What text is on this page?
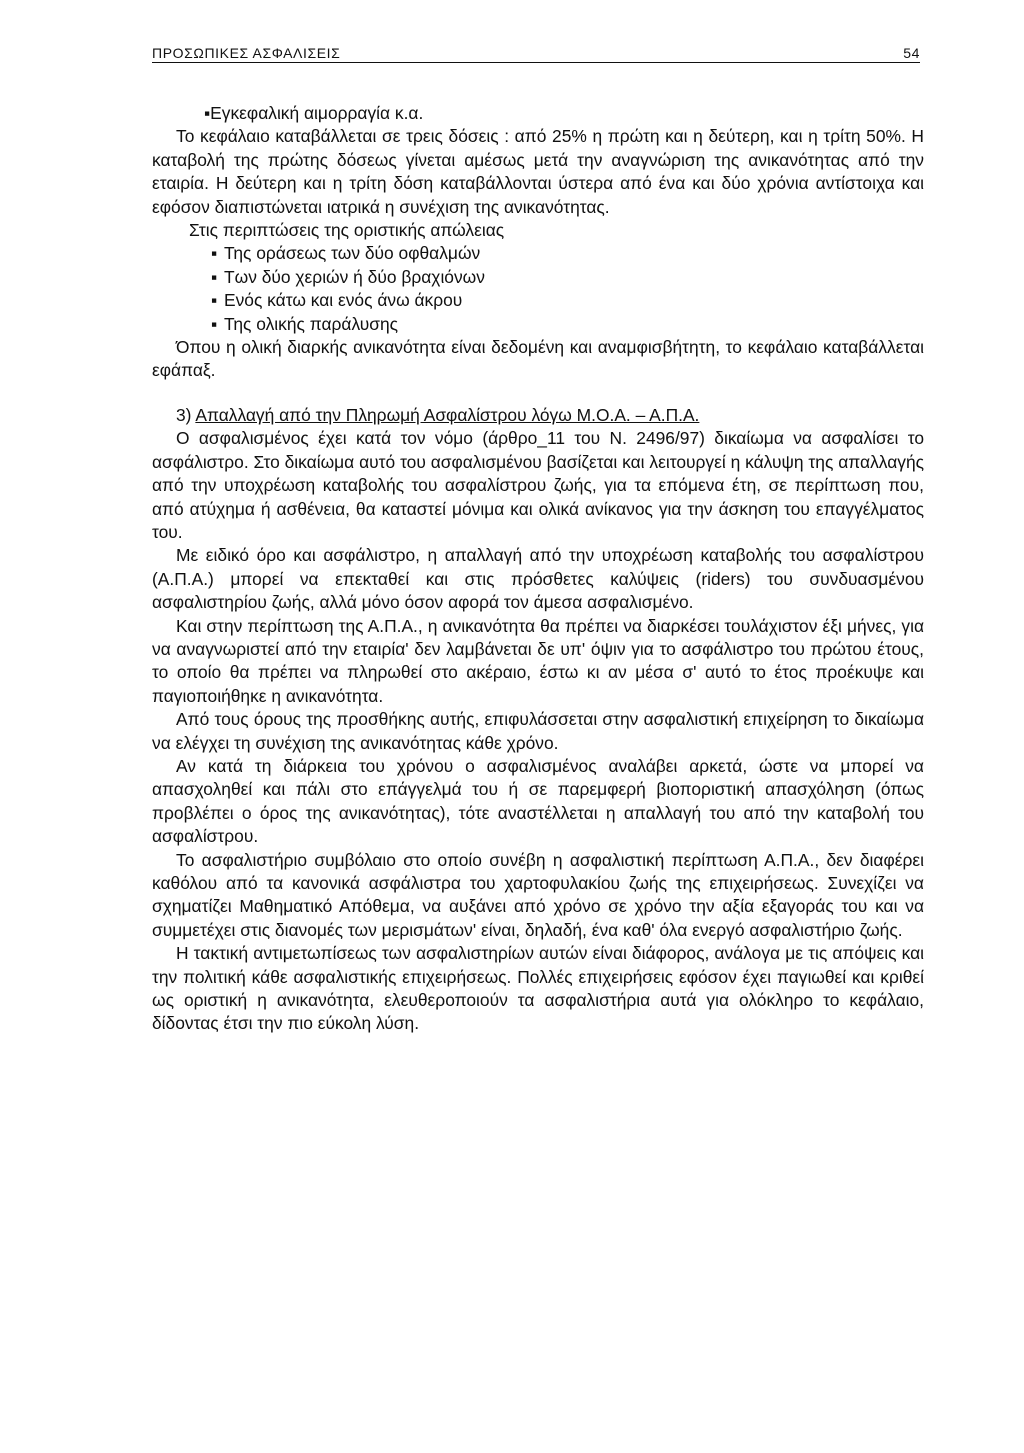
ΠΡΟΣΩΠΙΚΕΣ ΑΣΦΑΛΙΣΕΙΣ	54

▪Εγκεφαλική αιμορραγία κ.α.

Το κεφάλαιο καταβάλλεται σε τρεις δόσεις : από 25% η πρώτη και η δεύτερη, και η τρίτη 50%. Η καταβολή της πρώτης δόσεως γίνεται αμέσως μετά την αναγνώριση της ανικανότητας από την εταιρία. Η δεύτερη και η τρίτη δόση καταβάλλονται ύστερα από ένα και δύο χρόνια αντίστοιχα και εφόσον διαπιστώνεται ιατρικά η συνέχιση της ανικανότητας.

Στις περιπτώσεις της οριστικής απώλειας

▪ Της οράσεως των δύο οφθαλμών
▪ Των δύο χεριών ή δύο βραχιόνων
▪ Ενός κάτω και ενός άνω άκρου
▪ Της ολικής παράλυσης

Όπου η ολική διαρκής ανικανότητα είναι δεδομένη και αναμφισβήτητη, το κεφάλαιο καταβάλλεται εφάπαξ.

3) Απαλλαγή από την Πληρωμή Ασφαλίστρου λόγω Μ.Ο.Α. – Α.Π.Α.

Ο ασφαλισμένος έχει κατά τον νόμο (άρθρο_11 του Ν. 2496/97) δικαίωμα να ασφαλίσει το ασφάλιστρο. Στο δικαίωμα αυτό του ασφαλισμένου βασίζεται και λειτουργεί η κάλυψη της απαλλαγής από την υποχρέωση καταβολής του ασφαλίστρου ζωής, για τα επόμενα έτη, σε περίπτωση που, από ατύχημα ή ασθένεια, θα καταστεί μόνιμα και ολικά ανίκανος για την άσκηση του επαγγέλματος του.

Με ειδικό όρο και ασφάλιστρο, η απαλλαγή από την υποχρέωση καταβολής του ασφαλίστρου (Α.Π.Α.) μπορεί να επεκταθεί και στις πρόσθετες καλύψεις (riders) του συνδυασμένου ασφαλιστηρίου ζωής, αλλά μόνο όσον αφορά τον άμεσα ασφαλισμένο.

Και στην περίπτωση της Α.Π.Α., η ανικανότητα θα πρέπει να διαρκέσει τουλάχιστον έξι μήνες, για να αναγνωριστεί από την εταιρία' δεν λαμβάνεται δε υπ' όψιν για το ασφάλιστρο του πρώτου έτους, το οποίο θα πρέπει να πληρωθεί στο ακέραιο, έστω κι αν μέσα σ' αυτό το έτος προέκυψε και παγιοποιήθηκε η ανικανότητα.

Από τους όρους της προσθήκης αυτής, επιφυλάσσεται στην ασφαλιστική επιχείρηση το δικαίωμα να ελέγχει τη συνέχιση της ανικανότητας κάθε χρόνο.

Αν κατά τη διάρκεια του χρόνου ο ασφαλισμένος αναλάβει αρκετά, ώστε να μπορεί να απασχοληθεί και πάλι στο επάγγελμά του ή σε παρεμφερή βιοποριστική απασχόληση (όπως προβλέπει ο όρος της ανικανότητας), τότε αναστέλλεται η απαλλαγή του από την καταβολή του ασφαλίστρου.

Το ασφαλιστήριο συμβόλαιο στο οποίο συνέβη η ασφαλιστική περίπτωση Α.Π.Α., δεν διαφέρει καθόλου από τα κανονικά ασφάλιστρα του χαρτοφυλακίου ζωής της επιχειρήσεως. Συνεχίζει να σχηματίζει Μαθηματικό Απόθεμα, να αυξάνει από χρόνο σε χρόνο την αξία εξαγοράς του και να συμμετέχει στις διανομές των μερισμάτων' είναι, δηλαδή, ένα καθ' όλα ενεργό ασφαλιστήριο ζωής.

Η τακτική αντιμετωπίσεως των ασφαλιστηρίων αυτών είναι διάφορος, ανάλογα με τις απόψεις και την πολιτική κάθε ασφαλιστικής επιχειρήσεως. Πολλές επιχειρήσεις εφόσον έχει παγιωθεί και κριθεί ως οριστική η ανικανότητα, ελευθεροποιούν τα ασφαλιστήρια αυτά για ολόκληρο το κεφάλαιο, δίδοντας έτσι την πιο εύκολη λύση.
